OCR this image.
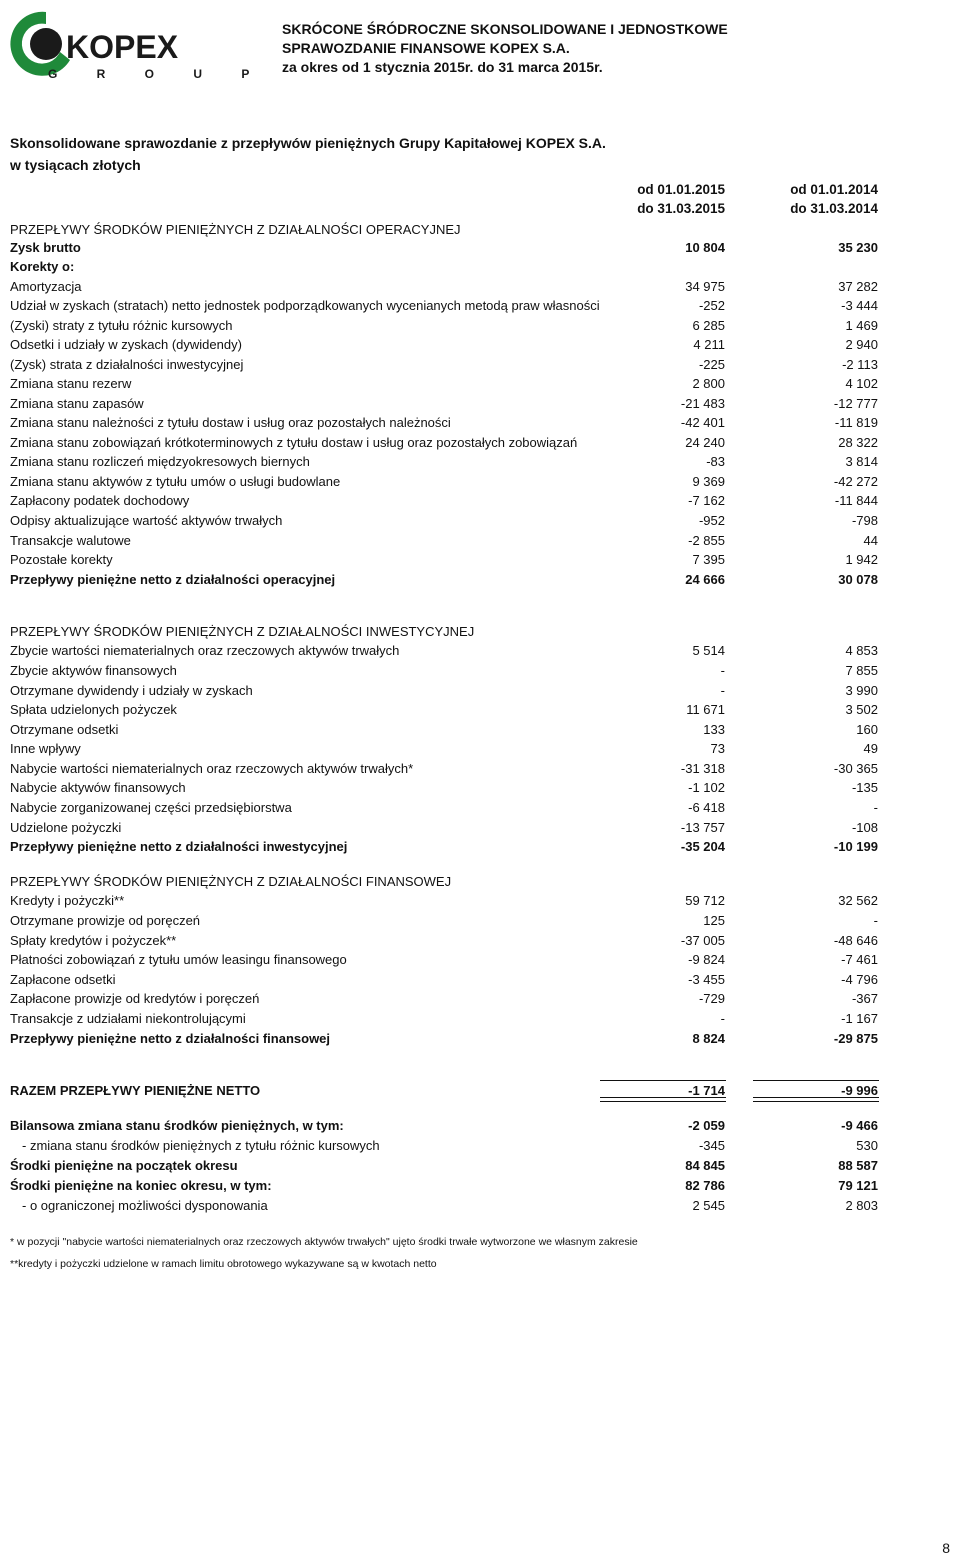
KOPEX
G R O U P
SKRÓCONE ŚRÓDROCZNE SKONSOLIDOWANE I JEDNOSTKOWE
SPRAWOZDANIE FINANSOWE KOPEX S.A.
za okres od 1 stycznia 2015r. do 31 marca 2015r.
Skonsolidowane sprawozdanie z przepływów pieniężnych Grupy Kapitałowej KOPEX S.A.
w tysiącach złotych
od 01.01.2015
do 31.03.2015
od 01.01.2014
do 31.03.2014
PRZEPŁYWY ŚRODKÓW PIENIĘŻNYCH Z DZIAŁALNOŚCI OPERACYJNEJ
Zysk brutto	10 804	35 230
Korekty o:
Amortyzacja	34 975	37 282
Udział w zyskach (stratach) netto jednostek podporządkowanych wycenianych metodą praw własności	-252	-3 444
(Zyski) straty z tytułu różnic kursowych	6 285	1 469
Odsetki i udziały w zyskach (dywidendy)	4 211	2 940
(Zysk) strata z działalności inwestycyjnej	-225	-2 113
Zmiana stanu rezerw	2 800	4 102
Zmiana stanu zapasów	-21 483	-12 777
Zmiana stanu należności z tytułu dostaw i usług oraz pozostałych należności	-42 401	-11 819
Zmiana stanu zobowiązań krótkoterminowych z tytułu dostaw i usług oraz pozostałych zobowiązań	24 240	28 322
Zmiana stanu rozliczeń międzyokresowych biernych	-83	3 814
Zmiana stanu aktywów z tytułu umów o usługi budowlane	9 369	-42 272
Zapłacony podatek dochodowy	-7 162	-11 844
Odpisy aktualizujące wartość aktywów trwałych	-952	-798
Transakcje walutowe	-2 855	44
Pozostałe korekty	7 395	1 942
Przepływy pieniężne netto z działalności operacyjnej	24 666	30 078
PRZEPŁYWY ŚRODKÓW PIENIĘŻNYCH Z DZIAŁALNOŚCI INWESTYCYJNEJ
Zbycie wartości niematerialnych oraz rzeczowych aktywów trwałych	5 514	4 853
Zbycie aktywów finansowych	-	7 855
Otrzymane dywidendy i udziały w zyskach	-	3 990
Spłata udzielonych pożyczek	11 671	3 502
Otrzymane odsetki	133	160
Inne wpływy	73	49
Nabycie wartości niematerialnych oraz rzeczowych aktywów trwałych*	-31 318	-30 365
Nabycie aktywów finansowych	-1 102	-135
Nabycie zorganizowanej części przedsiębiorstwa	-6 418	-
Udzielone pożyczki	-13 757	-108
Przepływy pieniężne netto z działalności inwestycyjnej	-35 204	-10 199
PRZEPŁYWY ŚRODKÓW PIENIĘŻNYCH Z DZIAŁALNOŚCI FINANSOWEJ
Kredyty i pożyczki**	59 712	32 562
Otrzymane prowizje od poręczeń	125	-
Spłaty kredytów i pożyczek**	-37 005	-48 646
Płatności zobowiązań z tytułu umów leasingu finansowego	-9 824	-7 461
Zapłacone odsetki	-3 455	-4 796
Zapłacone prowizje od kredytów i poręczeń	-729	-367
Transakcje z udziałami niekontrolującymi	-	-1 167
Przepływy pieniężne netto z działalności finansowej	8 824	-29 875
RAZEM PRZEPŁYWY PIENIĘŻNE NETTO	-1 714	-9 996
Bilansowa zmiana stanu środków pieniężnych, w tym:	-2 059	-9 466
- zmiana stanu środków pieniężnych z tytułu różnic kursowych	-345	530
Środki pieniężne na początek okresu	84 845	88 587
Środki pieniężne na koniec okresu, w tym:	82 786	79 121
- o ograniczonej możliwości dysponowania	2 545	2 803
* w pozycji "nabycie wartości niematerialnych oraz rzeczowych aktywów trwałych" ujęto środki trwałe wytworzone we własnym zakresie
**kredyty i pożyczki udzielone w ramach limitu obrotowego wykazywane są w kwotach netto
8
